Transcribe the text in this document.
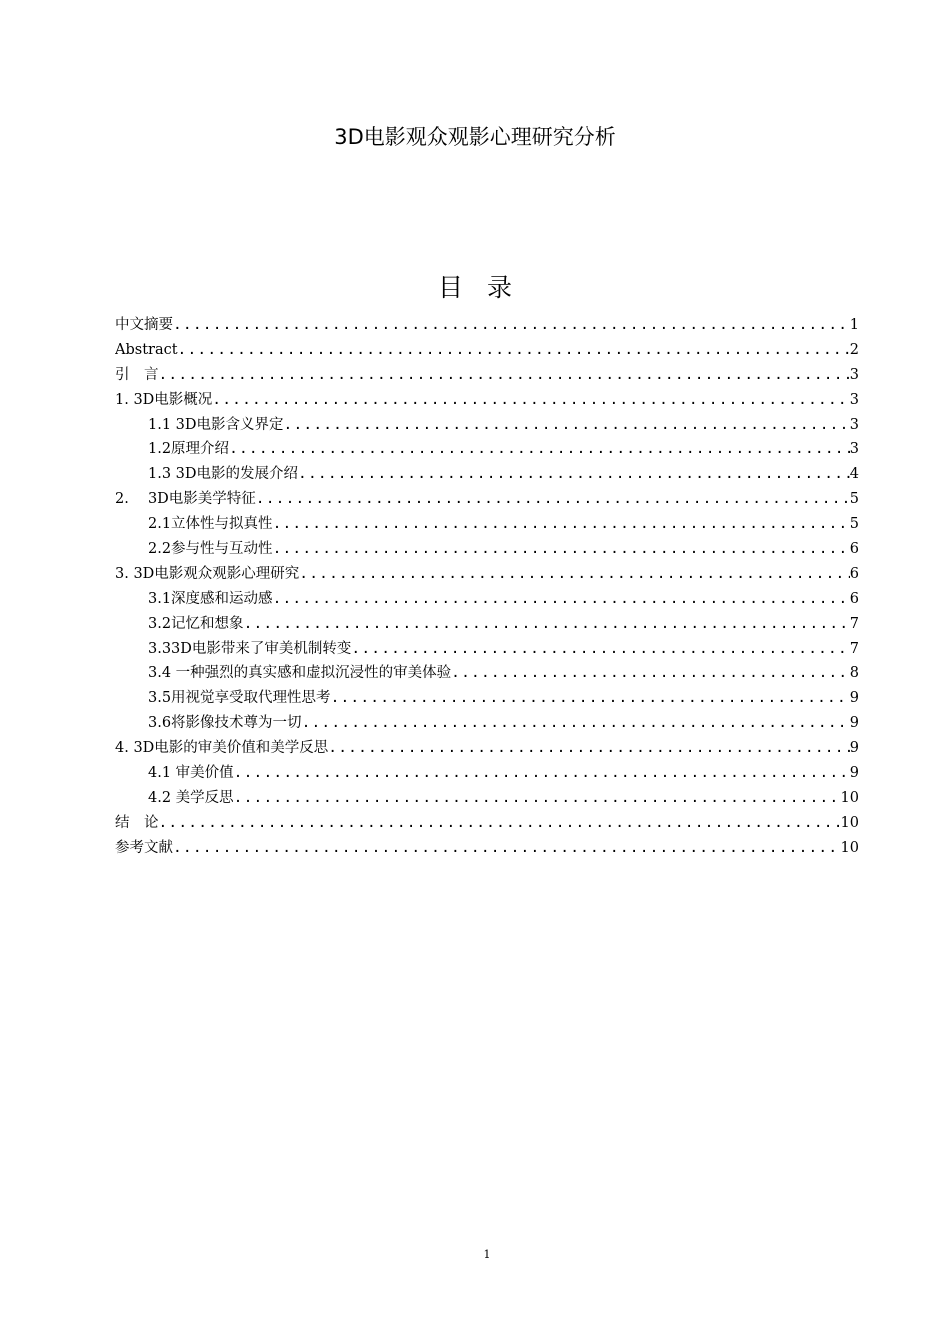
3D电影观众观影心理研究分析
目录
中文摘要 .....	1
Abstract .....	2
引　言 .....	3
1. 3D电影概况 .....	3
1.1 3D电影含义界定 .....	3
1.2原理介绍 .....	3
1.3 3D电影的发展介绍 .....	4
2.　 3D电影美学特征 .....	5
2.1立体性与拟真性 .....	5
2.2参与性与互动性 .....	6
3. 3D电影观众观影心理研究 .....	6
3.1深度感和运动感 .....	6
3.2记忆和想象 .....	7
3.33D电影带来了审美机制转变 .....	7
3.4 一种强烈的真实感和虚拟沉浸性的审美体验 .....	8
3.5用视觉享受取代理性思考 .....	9
3.6将影像技术尊为一切 .....	9
4. 3D电影的审美价值和美学反思 .....	9
4.1 审美价值 .....	9
4.2 美学反思 .....	10
结　论 .....	10
参考文献 .....	10
1
